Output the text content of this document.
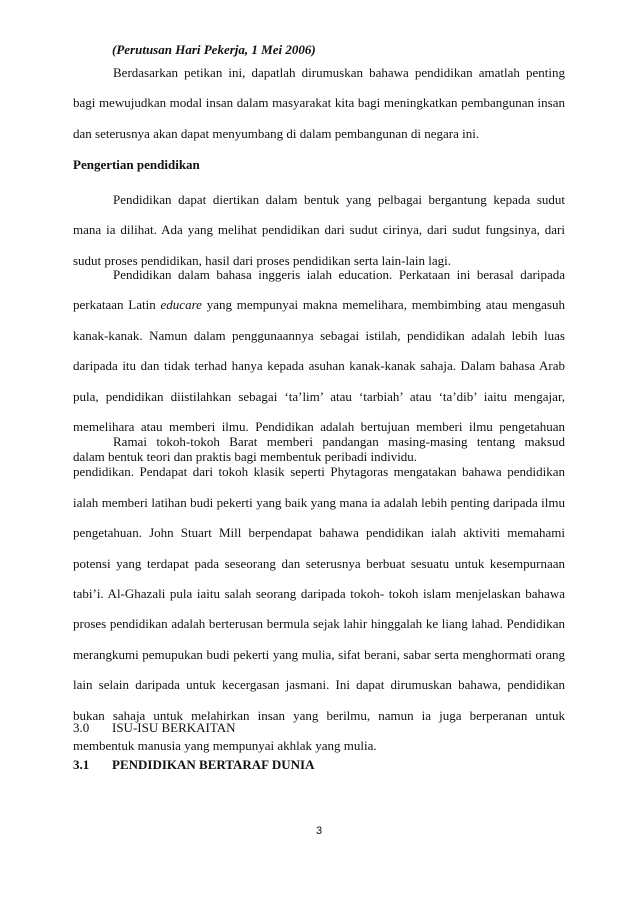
(Perutusan Hari Pekerja, 1 Mei 2006)

Berdasarkan petikan ini, dapatlah dirumuskan bahawa pendidikan amatlah penting bagi mewujudkan modal insan dalam masyarakat kita bagi meningkatkan pembangunan insan dan seterusnya akan dapat menyumbang di dalam pembangunan di negara ini.

Pengertian pendidikan

Pendidikan dapat diertikan dalam bentuk yang pelbagai bergantung kepada sudut mana ia dilihat. Ada yang melihat pendidikan dari sudut cirinya, dari sudut fungsinya, dari sudut proses pendidikan, hasil dari proses pendidikan serta lain-lain lagi.

Pendidikan dalam bahasa inggeris ialah education. Perkataan ini berasal daripada perkataan Latin educare yang mempunyai makna memelihara, membimbing atau mengasuh kanak-kanak. Namun dalam penggunaannya sebagai istilah, pendidikan adalah lebih luas daripada itu dan tidak terhad hanya kepada asuhan kanak-kanak sahaja. Dalam bahasa Arab pula, pendidikan diistilahkan sebagai ‘ta’lim’ atau ‘tarbiah’ atau ‘ta’dib’ iaitu mengajar, memelihara atau memberi ilmu. Pendidikan adalah bertujuan memberi ilmu pengetahuan dalam bentuk teori dan praktis bagi membentuk peribadi individu.

Ramai tokoh-tokoh Barat memberi pandangan masing-masing tentang maksud pendidikan. Pendapat dari tokoh klasik seperti Phytagoras mengatakan bahawa pendidikan ialah memberi latihan budi pekerti yang baik yang mana ia adalah lebih penting daripada ilmu pengetahuan. John Stuart Mill berpendapat bahawa pendidikan ialah aktiviti memahami potensi yang terdapat pada seseorang dan seterusnya berbuat sesuatu untuk kesempurnaan tabi’i. Al-Ghazali pula iaitu salah seorang daripada tokoh- tokoh islam menjelaskan bahawa proses pendidikan adalah berterusan bermula sejak lahir hinggalah ke liang lahad. Pendidikan merangkumi pemupukan budi pekerti yang mulia, sifat berani, sabar serta menghormati orang lain selain daripada untuk kecergasan jasmani. Ini dapat dirumuskan bahawa, pendidikan bukan sahaja untuk melahirkan insan yang berilmu, namun ia juga berperanan untuk membentuk manusia yang mempunyai akhlak yang mulia.

3.0 ISU-ISU BERKAITAN
3.1 PENDIDIKAN BERTARAF DUNIA
3
